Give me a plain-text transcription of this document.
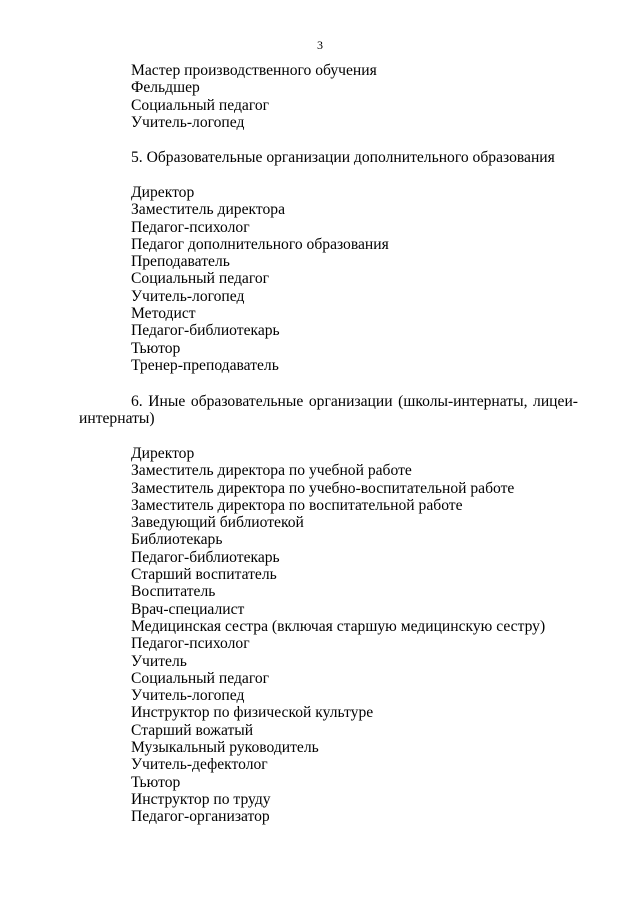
3
Мастер производственного обучения
Фельдшер
Социальный педагог
Учитель-логопед
5. Образовательные организации дополнительного образования
Директор
Заместитель директора
Педагог-психолог
Педагог дополнительного образования
Преподаватель
Социальный педагог
Учитель-логопед
Методист
Педагог-библиотекарь
Тьютор
Тренер-преподаватель
6. Иные образовательные организации (школы-интернаты, лицеи-
интернаты)
Директор
Заместитель директора по учебной работе
Заместитель директора по учебно-воспитательной работе
Заместитель директора по воспитательной работе
Заведующий библиотекой
Библиотекарь
Педагог-библиотекарь
Старший воспитатель
Воспитатель
Врач-специалист
Медицинская сестра (включая старшую медицинскую сестру)
Педагог-психолог
Учитель
Социальный педагог
Учитель-логопед
Инструктор по физической культуре
Старший вожатый
Музыкальный руководитель
Учитель-дефектолог
Тьютор
Инструктор по труду
Педагог-организатор
